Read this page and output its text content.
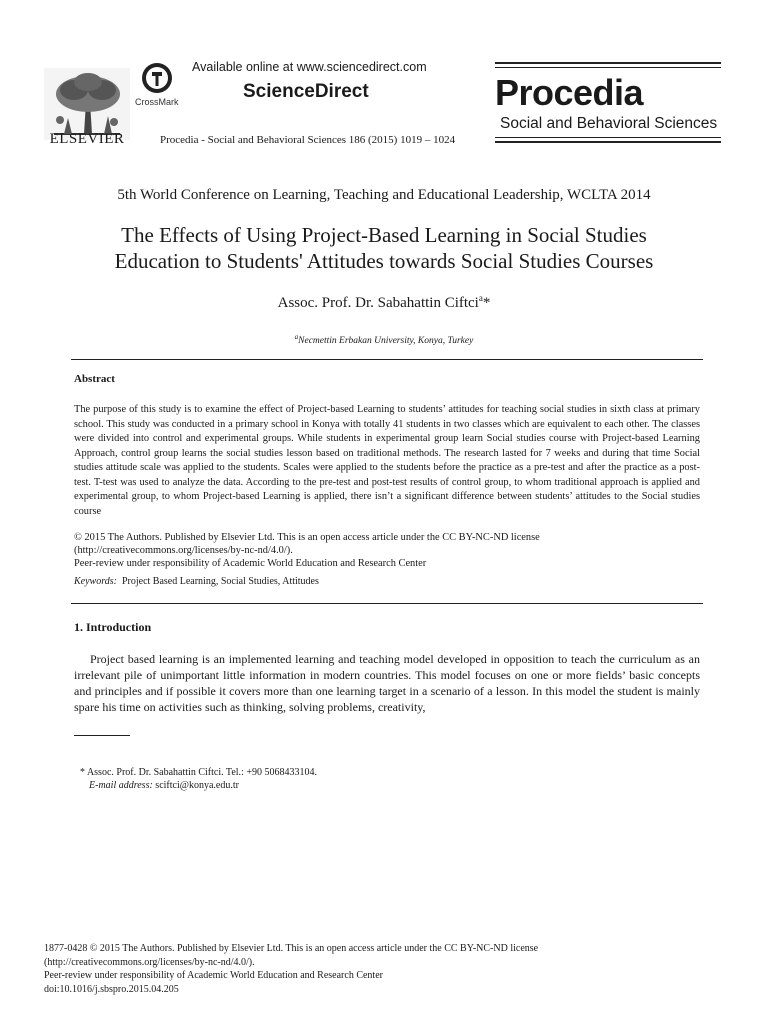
ELSEVIER
CrossMark
Available online at www.sciencedirect.com
ScienceDirect
Procedia - Social and Behavioral Sciences 186 (2015) 1019 – 1024
Procedia
Social and Behavioral Sciences
5th World Conference on Learning, Teaching and Educational Leadership, WCLTA 2014
The Effects of Using Project-Based Learning in Social Studies
Education to Students' Attitudes towards Social Studies Courses
Assoc. Prof. Dr. Sabahattin Ciftci$^a$*
$^a$Necmettin Erbakan University, Konya, Turkey
Abstract
The purpose of this study is to examine the effect of Project-based Learning to students’ attitudes for teaching social studies in sixth class at primary school. This study was conducted in a primary school in Konya with totally 41 students in two classes which are equivalent to each other. The classes were divided into control and experimental groups. While students in experimental group learn Social studies course with Project-based Learning Approach, control group learns the social studies lesson based on traditional methods. The research lasted for 7 weeks and during that time Social studies attitude scale was applied to the students. Scales were applied to the students before the practice as a pre-test and after the practice as a post-test. T-test was used to analyze the data. According to the pre-test and post-test results of control group, to whom traditional approach is applied and experimental group, to whom Project-based Learning is applied, there isn’t a significant difference between students’ attitudes to the Social studies course
© 2015 The Authors. Published by Elsevier Ltd. This is an open access article under the CC BY-NC-ND license
(http://creativecommons.org/licenses/by-nc-nd/4.0/).
Peer-review under responsibility of Academic World Education and Research Center
Keywords: Project Based Learning, Social Studies, Attitudes
1. Introduction
Project based learning is an implemented learning and teaching model developed in opposition to teach the curriculum as an irrelevant pile of unimportant little information in modern countries. This model focuses on one or more fields’ basic concepts and principles and if possible it covers more than one learning target in a scenario of a lesson. In this model the student is mainly spare his time on activities such as thinking, solving problems, creativity,
* Assoc. Prof. Dr. Sabahattin Ciftci. Tel.: +90 5068433104.
E-mail address: sciftci@konya.edu.tr
1877-0428 © 2015 The Authors. Published by Elsevier Ltd. This is an open access article under the CC BY-NC-ND license
(http://creativecommons.org/licenses/by-nc-nd/4.0/).
Peer-review under responsibility of Academic World Education and Research Center
doi:10.1016/j.sbspro.2015.04.205
